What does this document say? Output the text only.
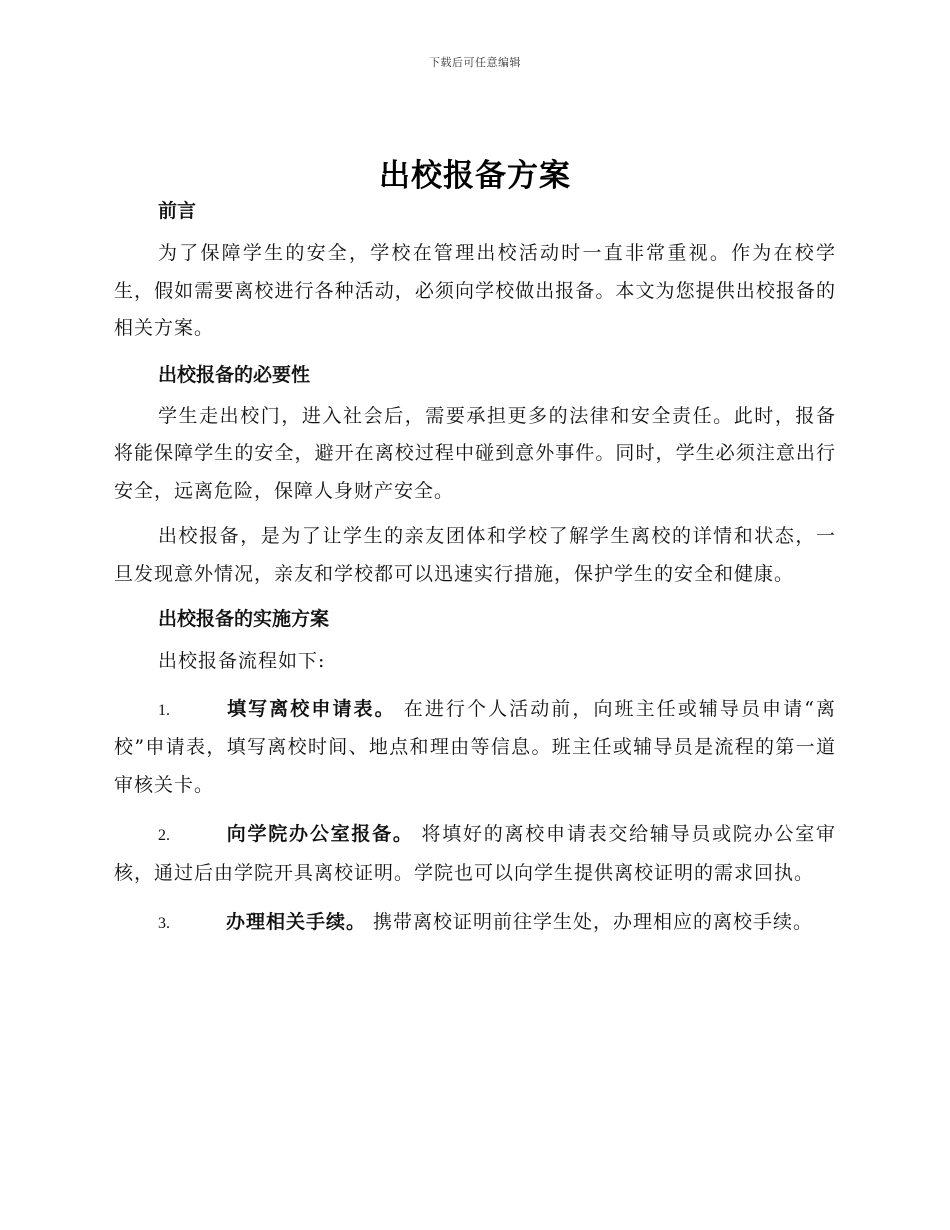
下载后可任意编辑
出校报备方案
前言

为了保障学生的安全，学校在管理出校活动时一直非常重视。作为在校学生，假如需要离校进行各种活动，必须向学校做出报备。本文为您提供出校报备的相关方案。

出校报备的必要性

学生走出校门，进入社会后，需要承担更多的法律和安全责任。此时，报备将能保障学生的安全，避开在离校过程中碰到意外事件。同时，学生必须注意出行安全，远离危险，保障人身财产安全。

出校报备，是为了让学生的亲友团体和学校了解学生离校的详情和状态，一旦发现意外情况，亲友和学校都可以迅速实行措施，保护学生的安全和健康。

出校报备的实施方案

出校报备流程如下:

1.	填写离校申请表。 在进行个人活动前，向班主任或辅导员申请“离校”申请表，填写离校时间、地点和理由等信息。班主任或辅导员是流程的第一道审核关卡。

2.	向学院办公室报备。 将填好的离校申请表交给辅导员或院办公室审核，通过后由学院开具离校证明。学院也可以向学生提供离校证明的需求回执。

3.	办理相关手续。 携带离校证明前往学生处，办理相应的离校手续。
